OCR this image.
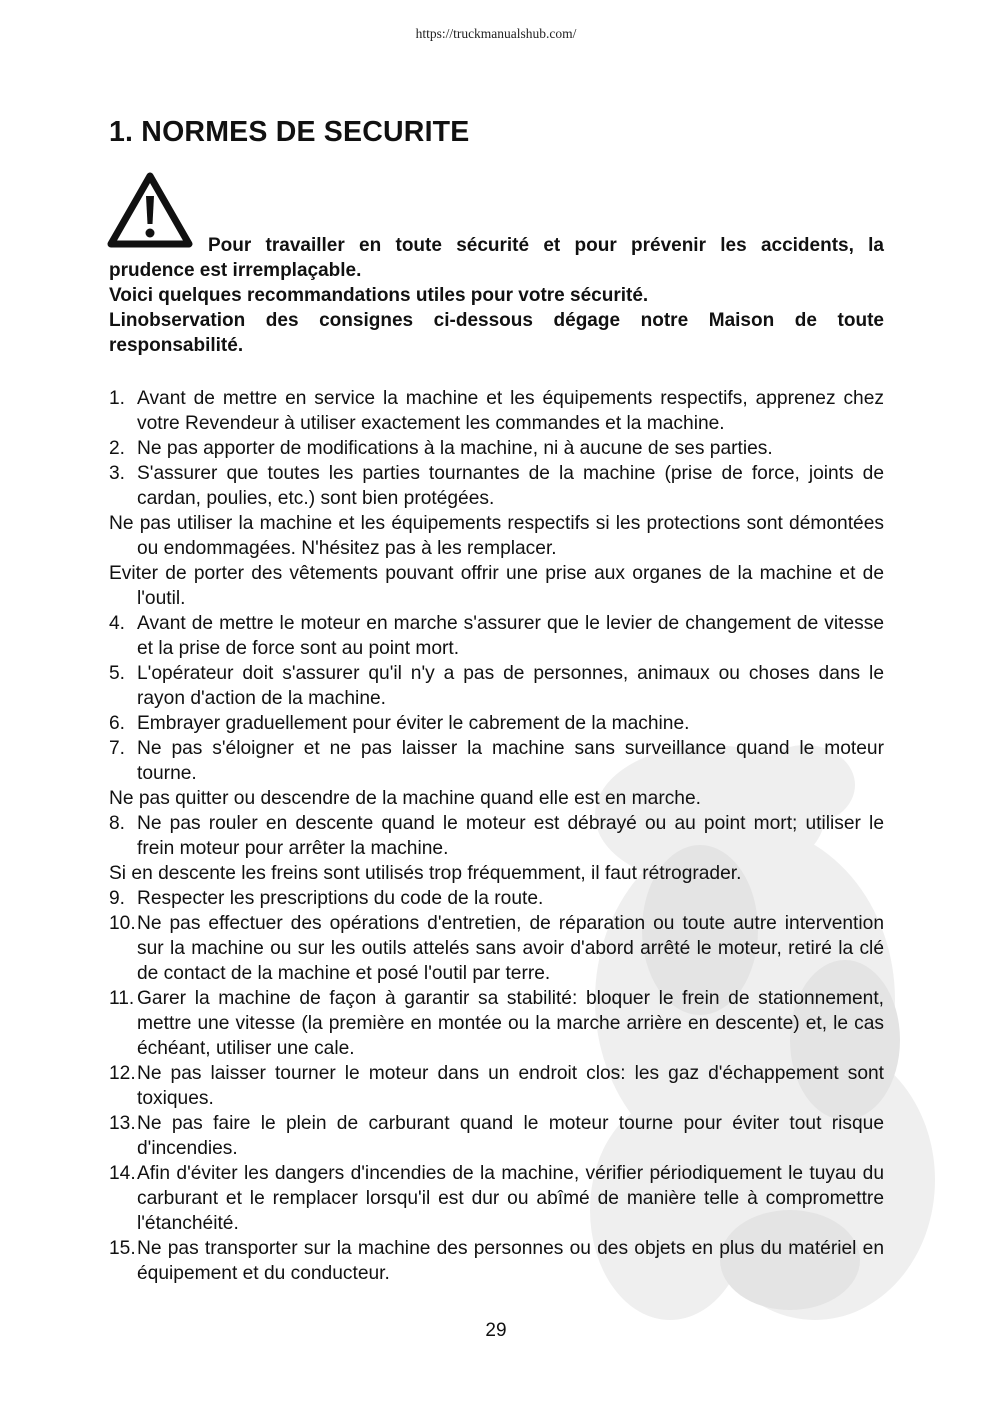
https://truckmanualshub.com/
1. NORMES DE SECURITE

Pour travailler en toute sécurité et pour prévenir les accidents, la prudence est irremplaçable.

Voici quelques recommandations utiles pour votre sécurité.

Linobservation des consignes ci-dessous dégage notre Maison de toute responsabilité.

1. Avant de mettre en service la machine et les équipements respectifs, apprenez chez votre Revendeur à utiliser exactement les commandes et la machine.
2. Ne pas apporter de modifications à la machine, ni à aucune de ses parties.
3. S'assurer que toutes les parties tournantes de la machine (prise de force, joints de cardan, poulies, etc.) sont bien protégées.
Ne pas utiliser la machine et les équipements respectifs si les protections sont démontées ou endommagées. N'hésitez pas à les remplacer.
Eviter de porter des vêtements pouvant offrir une prise aux organes de la machine et de l'outil.
4. Avant de mettre le moteur en marche s'assurer que le levier de changement de vitesse et la prise de force sont au point mort.
5. L'opérateur doit s'assurer qu'il n'y a pas de personnes, animaux ou choses dans le rayon d'action de la machine.
6. Embrayer graduellement pour éviter le cabrement de la machine.
7. Ne pas s'éloigner et ne pas laisser la machine sans surveillance quand le moteur tourne.
Ne pas quitter ou descendre de la machine quand elle est en marche.
8. Ne pas rouler en descente quand le moteur est débrayé ou au point mort; utiliser le frein moteur pour arrêter la machine.
Si en descente les freins sont utilisés trop fréquemment, il faut rétrograder.
9. Respecter les prescriptions du code de la route.
10. Ne pas effectuer des opérations d'entretien, de réparation ou toute autre intervention sur la machine ou sur les outils attelés sans avoir d'abord arrêté le moteur, retiré la clé de contact de la machine et posé l'outil par terre.
11. Garer la machine de façon à garantir sa stabilité: bloquer le frein de stationnement, mettre une vitesse (la première en montée ou la marche arrière en descente) et, le cas échéant, utiliser une cale.
12. Ne pas laisser tourner le moteur dans un endroit clos: les gaz d'échappement sont toxiques.
13. Ne pas faire le plein de carburant quand le moteur tourne pour éviter tout risque d'incendies.
14. Afin d'éviter les dangers d'incendies de la machine, vérifier périodiquement le tuyau du carburant et le remplacer lorsqu'il est dur ou abîmé de manière telle à compromettre l'étanchéité.
15. Ne pas transporter sur la machine des personnes ou des objets en plus du matériel en équipement et du conducteur.
29
